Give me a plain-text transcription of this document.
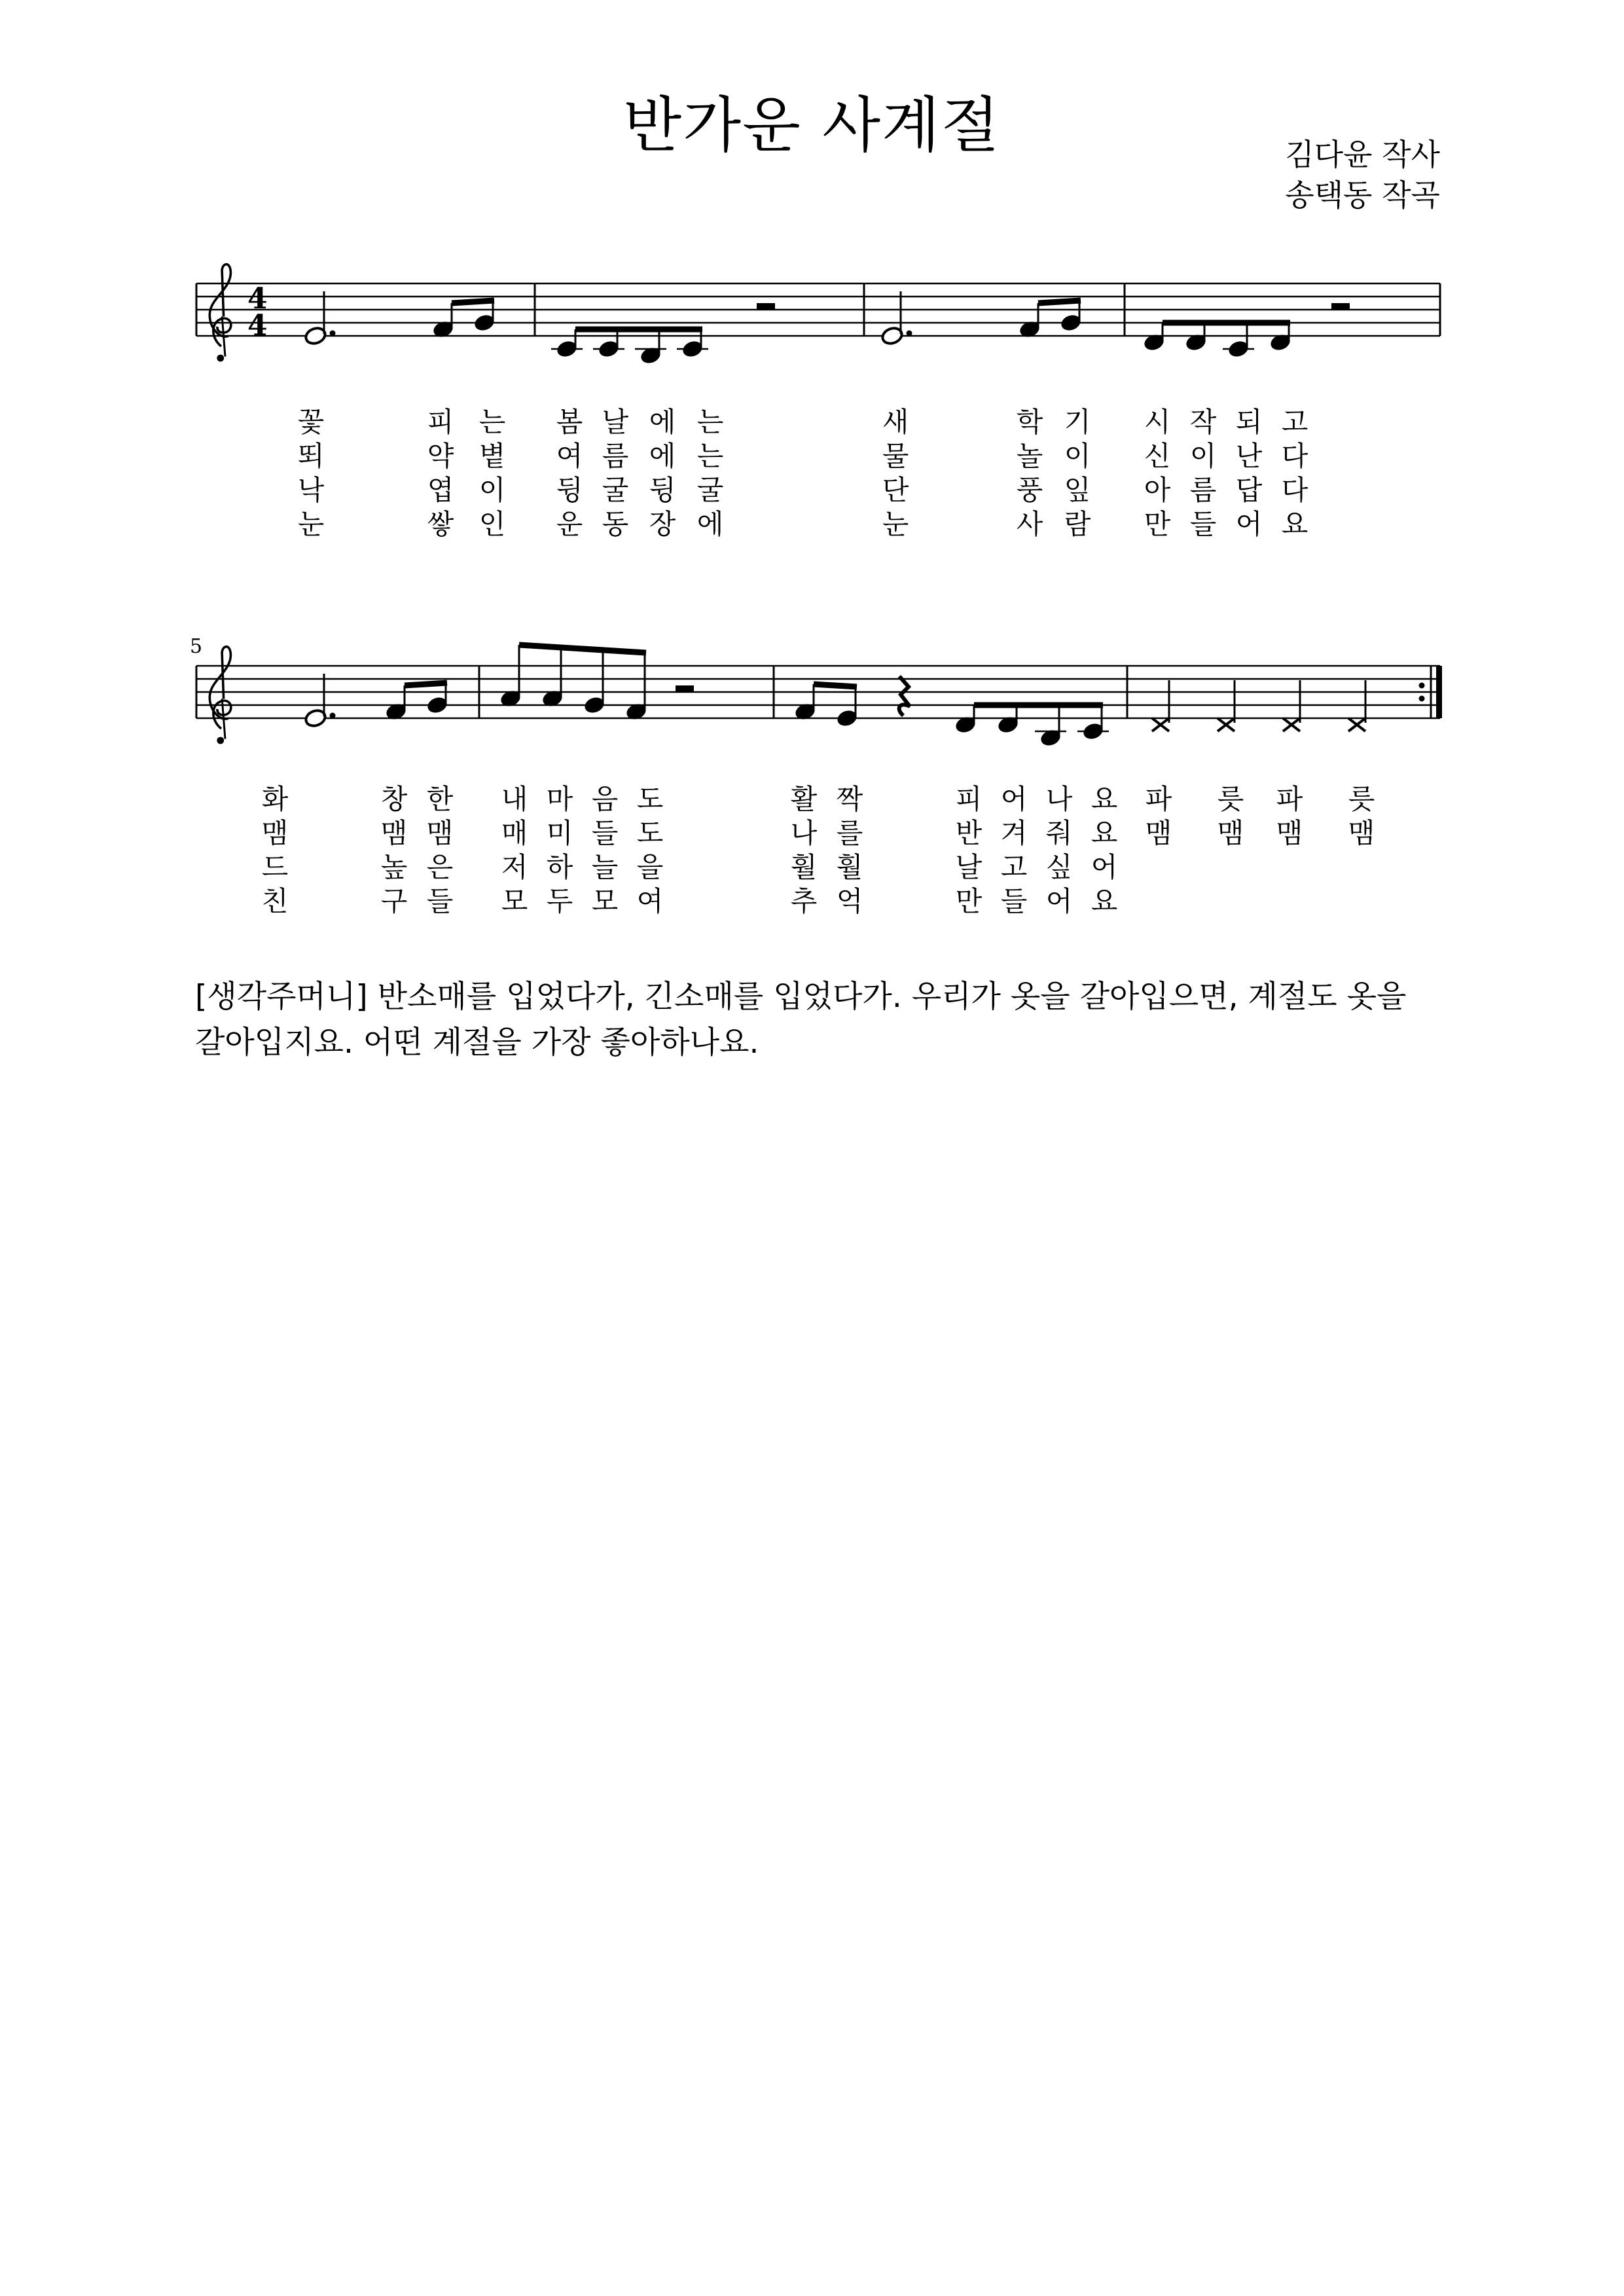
반가운 사계절	김다윤 작사
송택동 작곡
4
4
5
꽃	피 는 봄 날 에 는	새	학 기 시 작 되 고
뙤	약 볕 여 름 에 는	물	놀 이 신 이 난 다
낙	엽 이 뒹 굴 뒹 굴	단	풍 잎 아 름 답 다
눈	쌓 인 운 동 장 에	눈	사 람 만 들 어 요
화	창 한 내 마 음 도	활 짝	피 어 나 요 파 릇 파 릇
맴	맴 맴 매 미 들 도	나 를	반 겨 줘 요 맴 맴 맴 맴
드	높 은 저 하 늘 을	훨 훨	날 고 싶 어
친	구 들 모 두 모 여	추 억	만 들 어 요
[생각주머니] 반소매를 입었다가, 긴소매를 입었다가. 우리가 옷을 갈아입으면, 계절도 옷을 갈아입지요. 어떤 계절을 가장 좋아하나요.
